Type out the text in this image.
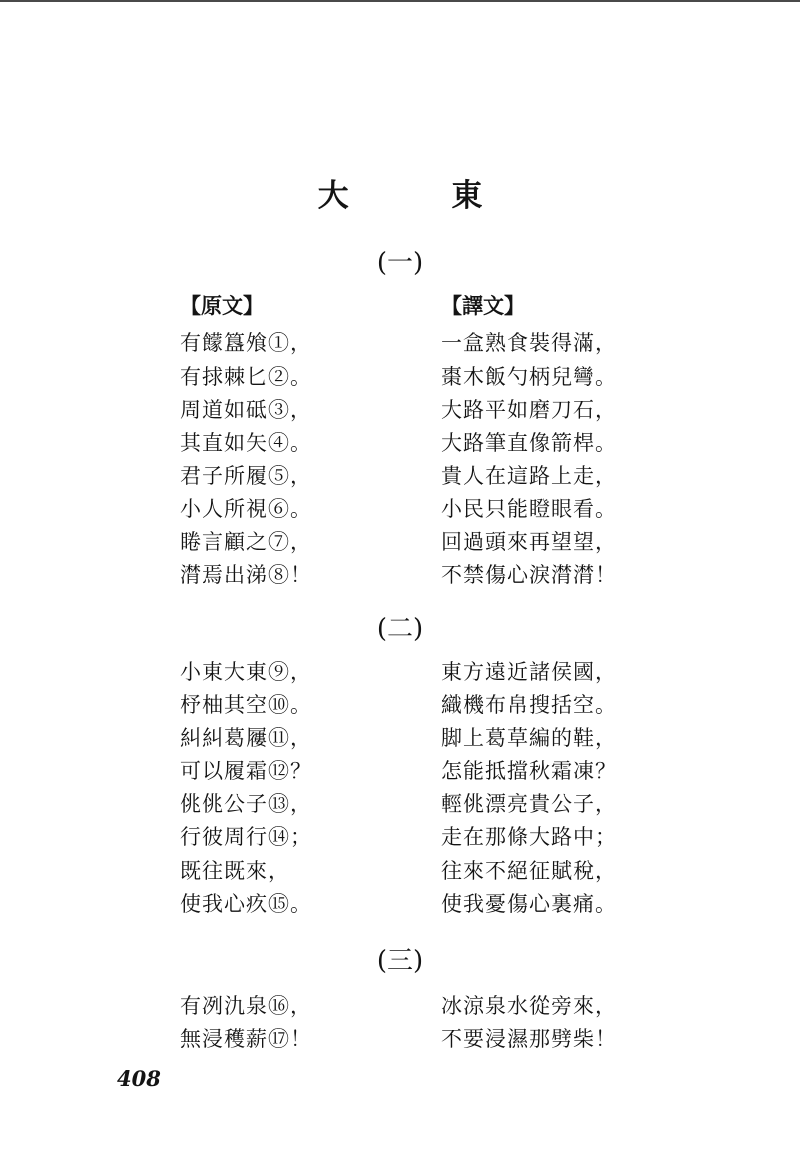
大 東
(一)
【原文】	【譯文】
有饛簋飧①，
有捄棘匕②。
周道如砥③，
其直如矢④。
君子所履⑤，
小人所視⑥。
睠言顧之⑦，
潸焉出涕⑧！
一盒熟食裝得滿，
棗木飯勺柄兒彎。
大路平如磨刀石，
大路筆直像箭桿。
貴人在這路上走，
小民只能瞪眼看。
回過頭來再望望，
不禁傷心淚潸潸！
(二)
小東大東⑨，
杼柚其空⑩。
糾糾葛屨⑪，
可以履霜⑫？
佻佻公子⑬，
行彼周行⑭；
既往既來，
使我心疚⑮。
東方遠近諸侯國，
織機布帛搜括空。
脚上葛草編的鞋，
怎能抵擋秋霜凍？
輕佻漂亮貴公子，
走在那條大路中；
往來不絕征賦稅，
使我憂傷心裏痛。
(三)
有冽氿泉⑯，
無浸穫薪⑰！
冰涼泉水從旁來，
不要浸濕那劈柴！
408
